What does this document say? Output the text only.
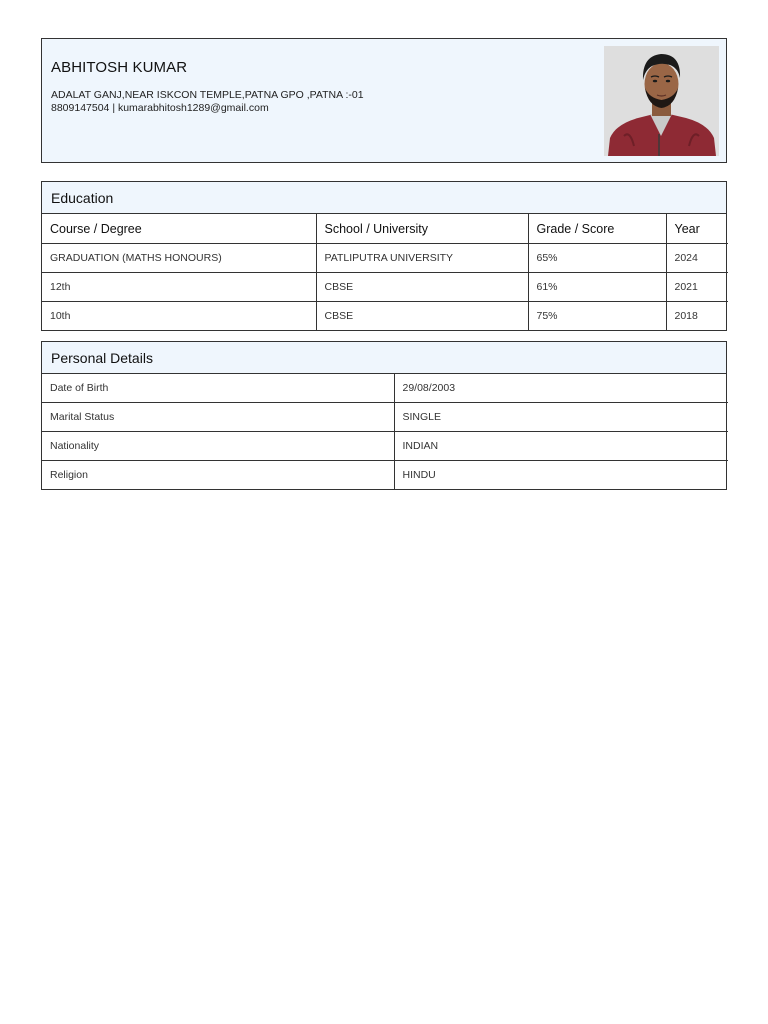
ABHITOSH KUMAR
ADALAT GANJ,NEAR ISKCON TEMPLE,PATNA GPO ,PATNA :-01
8809147504 | kumarabhitosh1289@gmail.com
Education
Course / Degree	School / University	Grade / Score	Year
GRADUATION (MATHS HONOURS)	PATLIPUTRA UNIVERSITY	65%	2024
12th	CBSE	61%	2021
10th	CBSE	75%	2018
Personal Details
Date of Birth	29/08/2003
Marital Status	SINGLE
Nationality	INDIAN
Religion	HINDU
